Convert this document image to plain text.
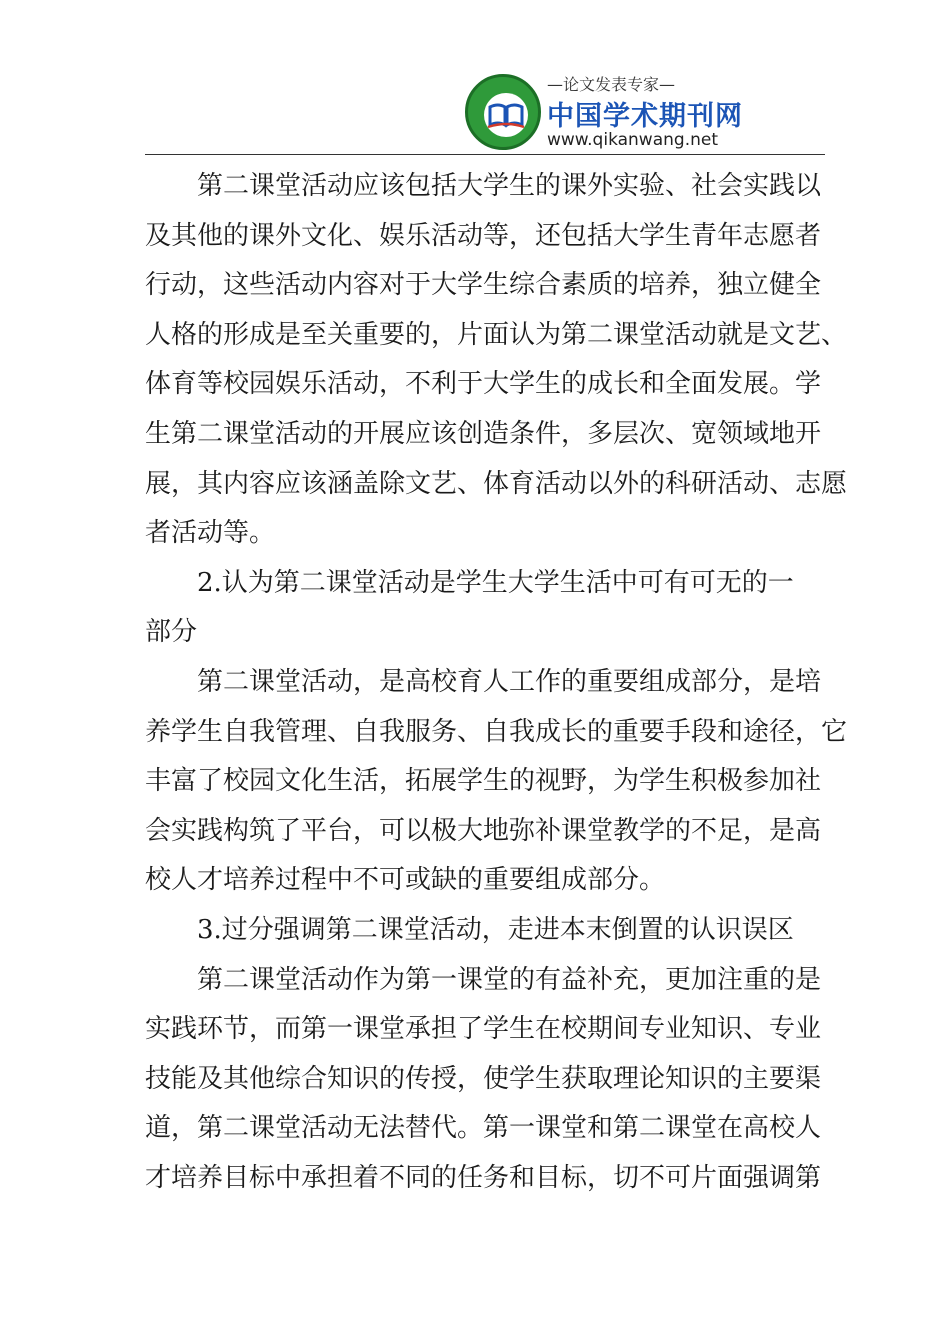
—论文发表专家—
中国学术期刊网
www.qikanwang.net
第二课堂活动应该包括大学生的课外实验、社会实践以
及其他的课外文化、娱乐活动等，还包括大学生青年志愿者
行动，这些活动内容对于大学生综合素质的培养，独立健全
人格的形成是至关重要的，片面认为第二课堂活动就是文艺、
体育等校园娱乐活动，不利于大学生的成长和全面发展。学
生第二课堂活动的开展应该创造条件，多层次、宽领域地开
展，其内容应该涵盖除文艺、体育活动以外的科研活动、志愿
者活动等。
2.认为第二课堂活动是学生大学生活中可有可无的一
部分
第二课堂活动，是高校育人工作的重要组成部分，是培
养学生自我管理、自我服务、自我成长的重要手段和途径，它
丰富了校园文化生活，拓展学生的视野，为学生积极参加社
会实践构筑了平台，可以极大地弥补课堂教学的不足，是高
校人才培养过程中不可或缺的重要组成部分。
3.过分强调第二课堂活动，走进本末倒置的认识误区
第二课堂活动作为第一课堂的有益补充，更加注重的是
实践环节，而第一课堂承担了学生在校期间专业知识、专业
技能及其他综合知识的传授，使学生获取理论知识的主要渠
道，第二课堂活动无法替代。第一课堂和第二课堂在高校人
才培养目标中承担着不同的任务和目标，切不可片面强调第
